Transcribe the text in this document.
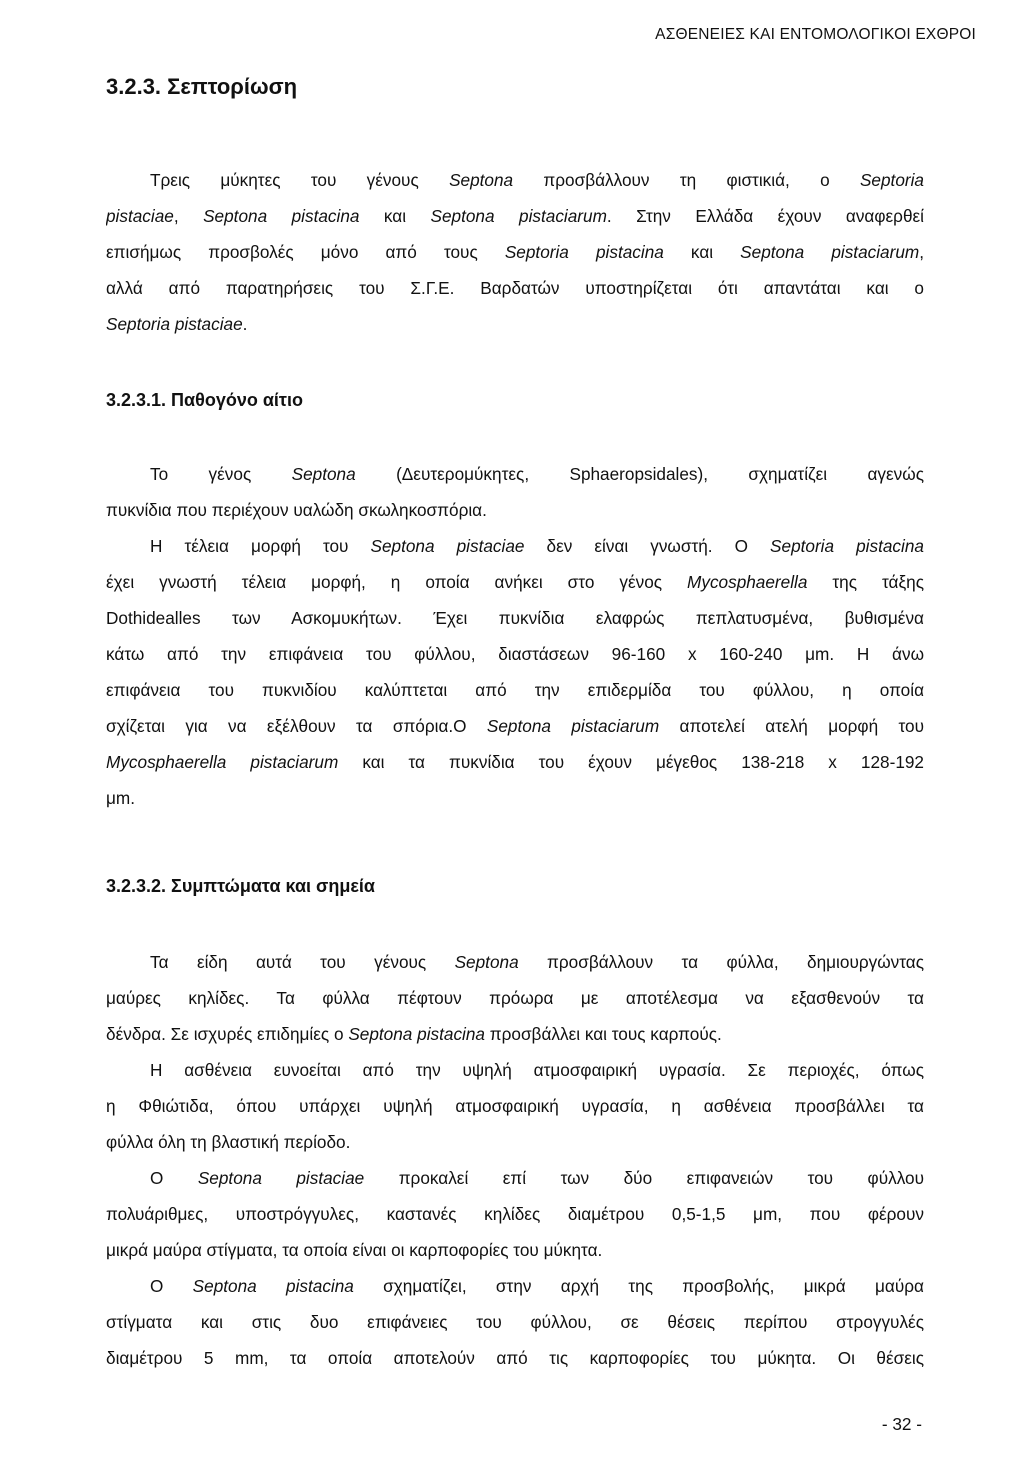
ΑΣΘΕΝΕΙΕΣ ΚΑΙ ΕΝΤΟΜΟΛΟΓΙΚΟΙ ΕΧΘΡΟΙ
3.2.3. Σεπτορίωση
Τρεις μύκητες του γένους Septona προσβάλλουν τη φιστικιά, ο Septoria
pistaciae, Septona pistacina και Septona pistaciarum. Στην Ελλάδα έχουν αναφερθεί
επισήμως προσβολές μόνο από τους Septoria pistacina και Septona pistaciarum,
αλλά από παρατηρήσεις του Σ.Γ.Ε. Βαρδατών υποστηρίζεται ότι απαντάται και ο
Septoria pistaciae.
3.2.3.1. Παθογόνο αίτιο
Το γένος Septona (Δευτερομύκητες, Sphaeropsidales), σχηματίζει αγενώς
πυκνίδια που περιέχουν υαλώδη σκωληκοσπόρια.
Η τέλεια μορφή του Septona pistaciae δεν είναι γνωστή. Ο Septoria pistacina
έχει γνωστή τέλεια μορφή, η οποία ανήκει στο γένος Mycosphaerella της τάξης
Dothidealles των Ασκομυκήτων. Έχει πυκνίδια ελαφρώς πεπλατυσμένα, βυθισμένα
κάτω από την επιφάνεια του φύλλου, διαστάσεων 96-160 x 160-240 μm. Η άνω
επιφάνεια του πυκνιδίου καλύπτεται από την επιδερμίδα του φύλλου, η οποία
σχίζεται για να εξέλθουν τα σπόρια.Ο Septona pistaciarum αποτελεί ατελή μορφή του
Mycosphaerella pistaciarum και τα πυκνίδια του έχουν μέγεθος 138-218 x 128-192
μm.
3.2.3.2. Συμπτώματα και σημεία
Τα είδη αυτά του γένους Septona προσβάλλουν τα φύλλα, δημιουργώντας
μαύρες κηλίδες. Τα φύλλα πέφτουν πρόωρα με αποτέλεσμα να εξασθενούν τα
δένδρα. Σε ισχυρές επιδημίες ο Septona pistacina προσβάλλει και τους καρπούς.
Η ασθένεια ευνοείται από την υψηλή ατμοσφαιρική υγρασία. Σε περιοχές, όπως
η Φθιώτιδα, όπου υπάρχει υψηλή ατμοσφαιρική υγρασία, η ασθένεια προσβάλλει τα
φύλλα όλη τη βλαστική περίοδο.
Ο Septona pistaciae προκαλεί επί των δύο επιφανειών του φύλλου
πολυάριθμες, υποστρόγγυλες, καστανές κηλίδες διαμέτρου 0,5-1,5 μm, που φέρουν
μικρά μαύρα στίγματα, τα οποία είναι οι καρποφορίες του μύκητα.
Ο Septona pistacina σχηματίζει, στην αρχή της προσβολής, μικρά μαύρα
στίγματα και στις δυο επιφάνειες του φύλλου, σε θέσεις περίπου στρογγυλές
διαμέτρου 5 mm, τα οποία αποτελούν από τις καρποφορίες του μύκητα. Οι θέσεις
- 32 -
